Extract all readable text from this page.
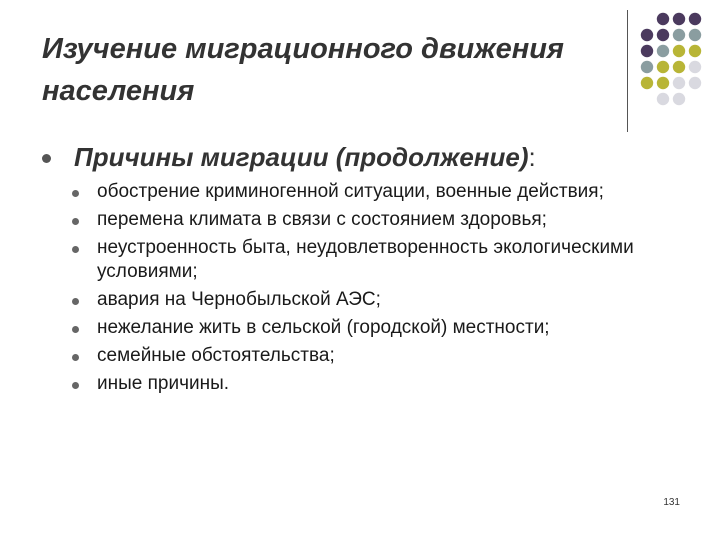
Изучение миграционного движения населения
Причины миграции (продолжение):
обострение криминогенной ситуации, военные действия;
перемена климата в связи с состоянием здоровья;
неустроенность быта, неудовлетворенность экологическими условиями;
авария на Чернобыльской АЭС;
нежелание жить в сельской (городской) местности;
семейные обстоятельства;
иные причины.
131
